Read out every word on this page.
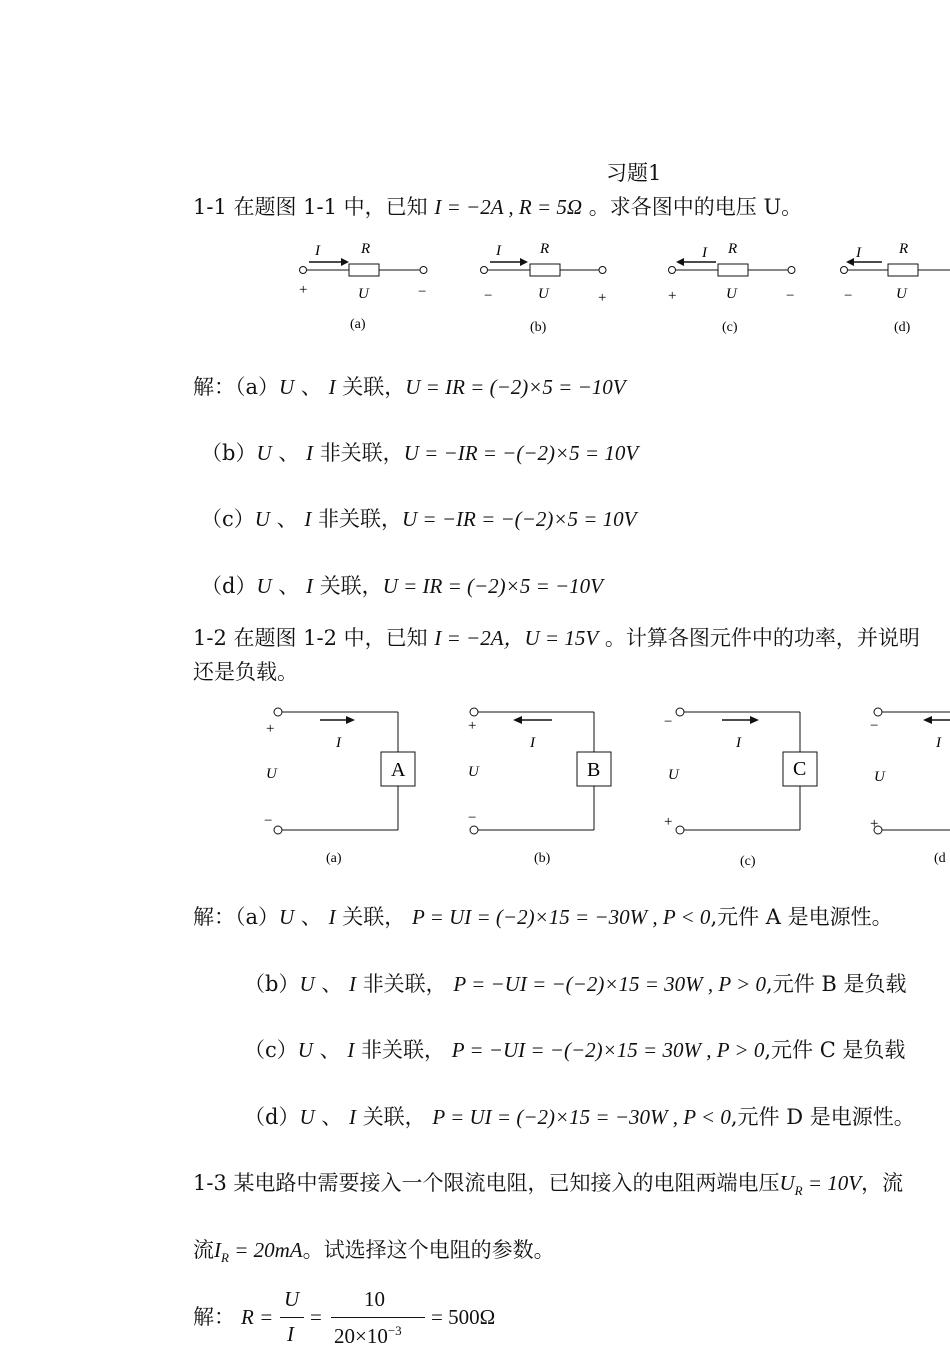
习题1
1-1 在题图 1-1 中，已知 I = −2A , R = 5Ω 。求各图中的电压 U。
I	R
+	U	−
(a)
I	R
−	U	+
(b)
I R
+	U	−
(c)
I	R
−	U
(d)
解：（a）U 、 I 关联，U = IR = (−2)×5 = −10V
（b）U 、 I 非关联，U = −IR = −(−2)×5 = 10V
（c）U 、 I 非关联，U = −IR = −(−2)×5 = 10V
（d）U 、 I 关联，U = IR = (−2)×5 = −10V
1-2 在题图 1-2 中，已知 I = −2A，U = 15V 。计算各图元件中的功率，并说明
还是负载。
+
I
U	A
−
(a)
+
I
U	B
−
(b)
−
I
U	C
+
(c)
−
I
U
+
(d
解：（a）U 、 I 关联， P = UI = (−2)×15 = −30W , P < 0,元件 A 是电源性。
（b）U 、 I 非关联， P = −UI = −(−2)×15 = 30W , P > 0,元件 B 是负载
（c）U 、 I 非关联， P = −UI = −(−2)×15 = 30W , P > 0,元件 C 是负载
（d）U 、 I 关联， P = UI = (−2)×15 = −30W , P < 0,元件 D 是电源性。
1-3 某电路中需要接入一个限流电阻，已知接入的电阻两端电压$U_R = 10V$，流
流$I_R = 20mA$。试选择这个电阻的参数。
解： R =
U
I
=
10
$20\times 10^{-3}$
= 500Ω
